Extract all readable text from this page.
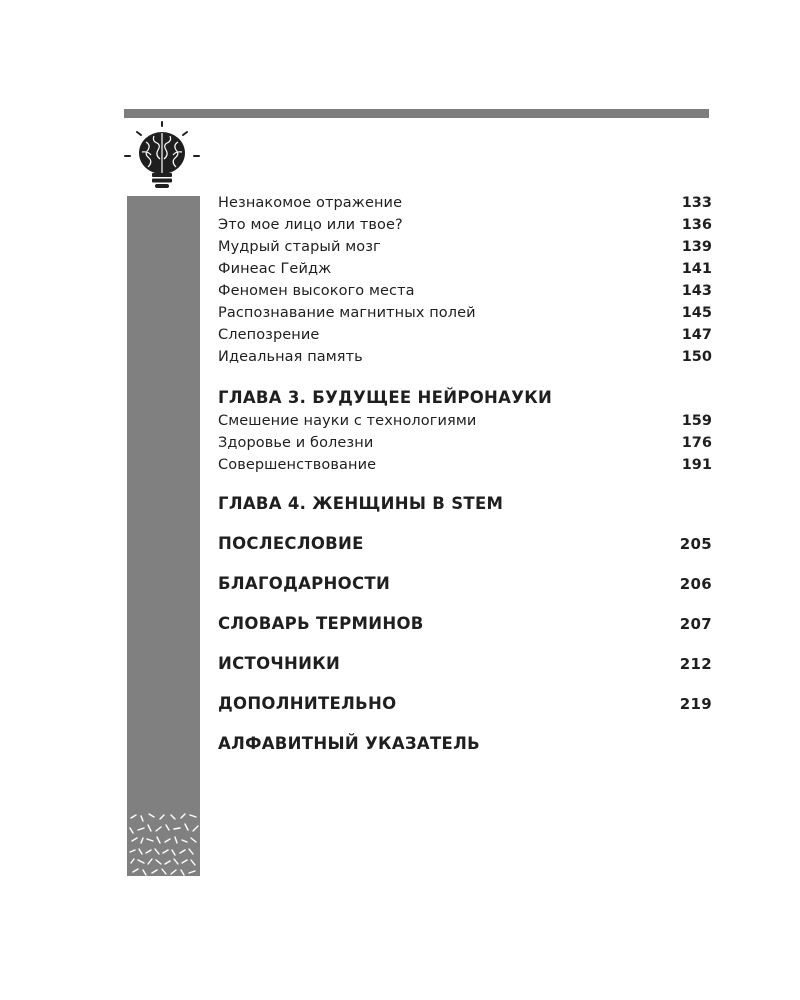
Незнакомое отражение	133
Это мое лицо или твое?	136
Мудрый старый мозг	139
Финеас Гейдж	141
Феномен высокого места	143
Распознавание магнитных полей	145
Слепозрение	147
Идеальная память	150
ГЛАВА 3. БУДУЩЕЕ НЕЙРОНАУКИ
Смешение науки с технологиями	159
Здоровье и болезни	176
Совершенствование	191
ГЛАВА 4. ЖЕНЩИНЫ В STEM
ПОСЛЕСЛОВИЕ	205
БЛАГОДАРНОСТИ	206
СЛОВАРЬ ТЕРМИНОВ	207
ИСТОЧНИКИ	212
ДОПОЛНИТЕЛЬНО	219
АЛФАВИТНЫЙ УКАЗАТЕЛЬ
